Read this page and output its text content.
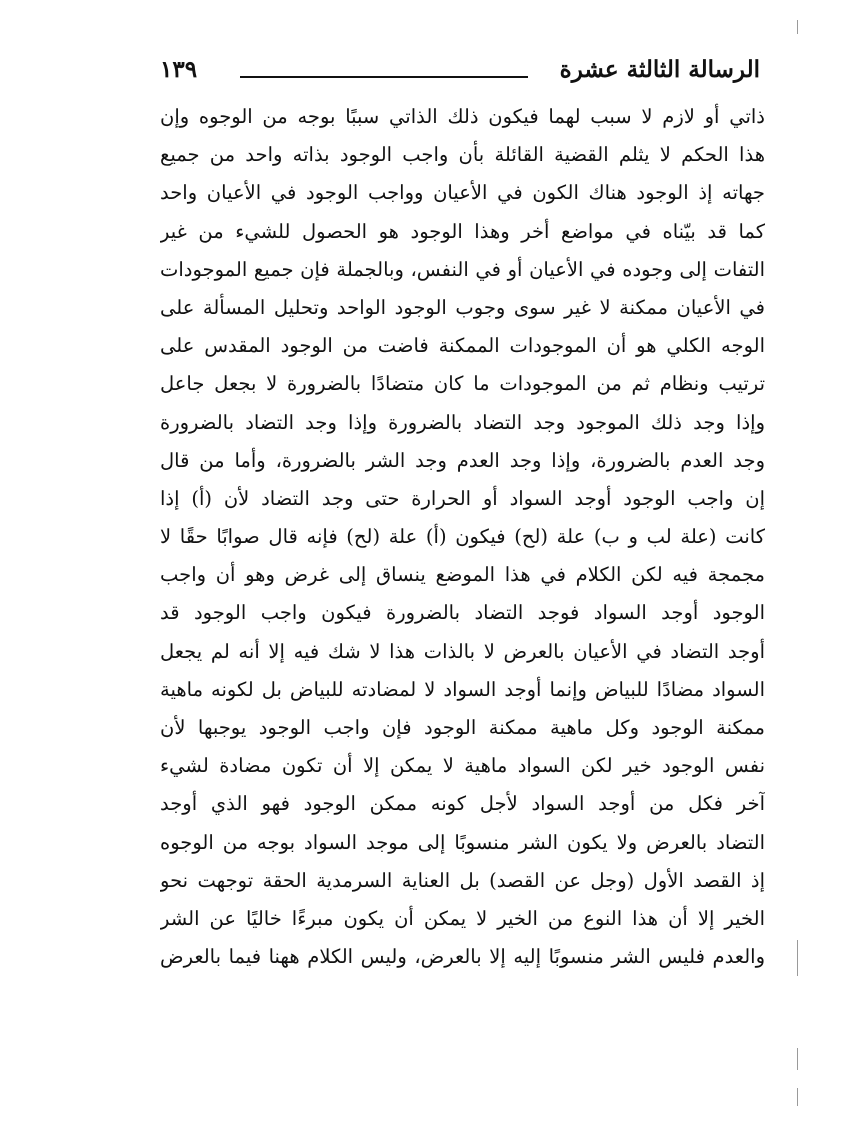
الرسالة الثالثة عشرة
١٣٩
ذاتي أو لازم لا سبب لهما فيكون ذلك الذاتي سببًا بوجه من الوجوه وإن
هذا الحكم لا يثلم القضية القائلة بأن واجب الوجود بذاته واحد من جميع
جهاته إذ الوجود هناك الكون في الأعيان وواجب الوجود في الأعيان واحد
كما قد بيّناه في مواضع أخر وهذا الوجود هو الحصول للشيء من غير
التفات إلى وجوده في الأعيان أو في النفس، وبالجملة فإن جميع الموجودات
في الأعيان ممكنة لا غير سوى وجوب الوجود الواحد وتحليل المسألة على
الوجه الكلي هو أن الموجودات الممكنة فاضت من الوجود المقدس على
ترتيب ونظام ثم من الموجودات ما كان متضادًا بالضرورة لا بجعل جاعل
وإذا وجد ذلك الموجود وجد التضاد بالضرورة وإذا وجد التضاد بالضرورة
وجد العدم بالضرورة، وإذا وجد العدم وجد الشر بالضرورة، وأما من قال
إن واجب الوجود أوجد السواد أو الحرارة حتى وجد التضاد لأن (أ) إذا
كانت (علة لب و ب) علة (لح) فيكون (أ) علة (لح) فإنه قال صوابًا حقًا لا
مجمجة فيه لكن الكلام في هذا الموضع ينساق إلى غرض وهو أن واجب
الوجود أوجد السواد فوجد التضاد بالضرورة فيكون واجب الوجود قد
أوجد التضاد في الأعيان بالعرض لا بالذات هذا لا شك فيه إلا أنه لم يجعل
السواد مضادًا للبياض وإنما أوجد السواد لا لمضادته للبياض بل لكونه ماهية
ممكنة الوجود وكل ماهية ممكنة الوجود فإن واجب الوجود يوجبها لأن
نفس الوجود خير لكن السواد ماهية لا يمكن إلا أن تكون مضادة لشيء
آخر فكل من أوجد السواد لأجل كونه ممكن الوجود فهو الذي أوجد
التضاد بالعرض ولا يكون الشر منسوبًا إلى موجد السواد بوجه من الوجوه
إذ القصد الأول (وجل عن القصد) بل العناية السرمدية الحقة توجهت نحو
الخير إلا أن هذا النوع من الخير لا يمكن أن يكون مبرءًا خاليًا عن الشر
والعدم فليس الشر منسوبًا إليه إلا بالعرض، وليس الكلام ههنا فيما بالعرض
